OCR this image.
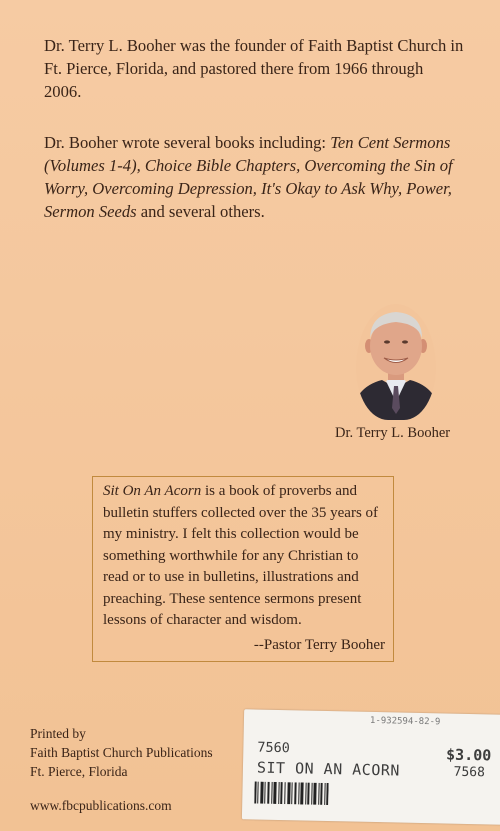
Dr. Terry L. Booher was the founder of Faith Baptist Church in Ft. Pierce, Florida, and pastored there from 1966 through 2006.

Dr. Booher wrote several books including: Ten Cent Sermons (Volumes 1-4), Choice Bible Chapters, Overcoming the Sin of Worry, Overcoming Depression, It's Okay to Ask Why, Power, Sermon Seeds and several others.

Dr. Terry L. Booher

Sit On An Acorn is a book of proverbs and bulletin stuffers collected over the 35 years of my ministry. I felt this collection would be something worthwhile for any Christian to read or to use in bulletins, illustrations and preaching. These sentence sermons present lessons of character and wisdom.

--Pastor Terry Booher
Printed by
Faith Baptist Church Publications
Ft. Pierce, Florida
www.fbcpublications.com
1-932594-82-9
7560	$3.00
SIT ON AN ACORN	7568
